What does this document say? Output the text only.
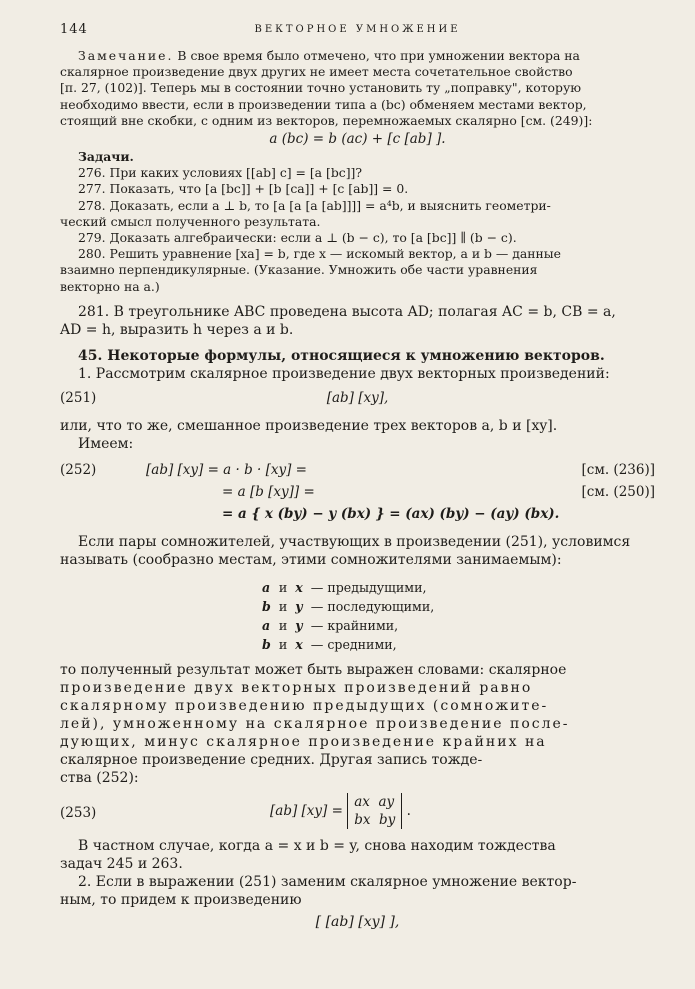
144	ВЕКТОРНОЕ УМНОЖЕНИЕ

Замечание. В свое время было отмечено, что при умножении вектора на

скалярное произведение двух других не имеет места сочетательное свойство

[п. 27, (102)]. Теперь мы в состоянии точно установить ту „поправку", которую

необходимо ввести, если в произведении типа a (bc) обменяем местами вектор,

стоящий вне скобки, с одним из векторов, перемножаемых скалярно [см. (249)]:

a (bc) = b (ac) + [c [ab] ].

Задачи.

276. При каких условиях [[ab] c] = [a [bc]]?

277. Показать, что [a [bc]] + [b [ca]] + [c [ab]] = 0.

278. Доказать, если a ⊥ b, то [a [a [a [ab]]]] = a⁴b, и выяснить геометри-

ческий смысл полученного результата.

279. Доказать алгебраически: если a ⊥ (b − c), то [a [bc]] ∥ (b − c).

280. Решить уравнение [xa] = b, где x — искомый вектор, a и b — данные

взаимно перпендикулярные. (Указание. Умножить обе части уравнения

векторно на a.)

281. В треугольнике ABC проведена высота AD; полагая AC = b, CB = a,

AD = h, выразить h через a и b.

45. Некоторые формулы, относящиеся к умножению векторов.

1. Рассмотрим скалярное произведение двух векторных произведений:

(251)	[ab] [xy],

или, что то же, смешанное произведение трех векторов a, b и [xy].

Имеем:

(252)	[ab] [xy] = a · b · [xy] =	[см. (236)]
= a [b [xy]] =	[см. (250)]
= a { x (by) − y (bx) } = (ax) (by) − (ay) (bx).

Если пары сомножителей, участвующих в произведении (251), условимся

называть (сообразно местам, этими сомножителями занимаемым):

a	и	x	— предыдущими,
b	и	y	— последующими,
a	и	y	— крайними,
b	и	x	— средними,

то полученный результат может быть выражен словами: скалярное

произведение двух векторных произведений равно

скалярному произведению предыдущих (сомножите-

лей), умноженному на скалярное произведение после-

дующих, минус скалярное произведение крайних на

скалярное произведение средних. Другая запись тожде-

ства (252):

(253)	[ab] [xy] =
ax  ay
bx  by
.

В частном случае, когда a = x и b = y, снова находим тождества

задач 245 и 263.

2. Если в выражении (251) заменим скалярное умножение вектор-

ным, то придем к произведению

[ [ab] [xy] ],
